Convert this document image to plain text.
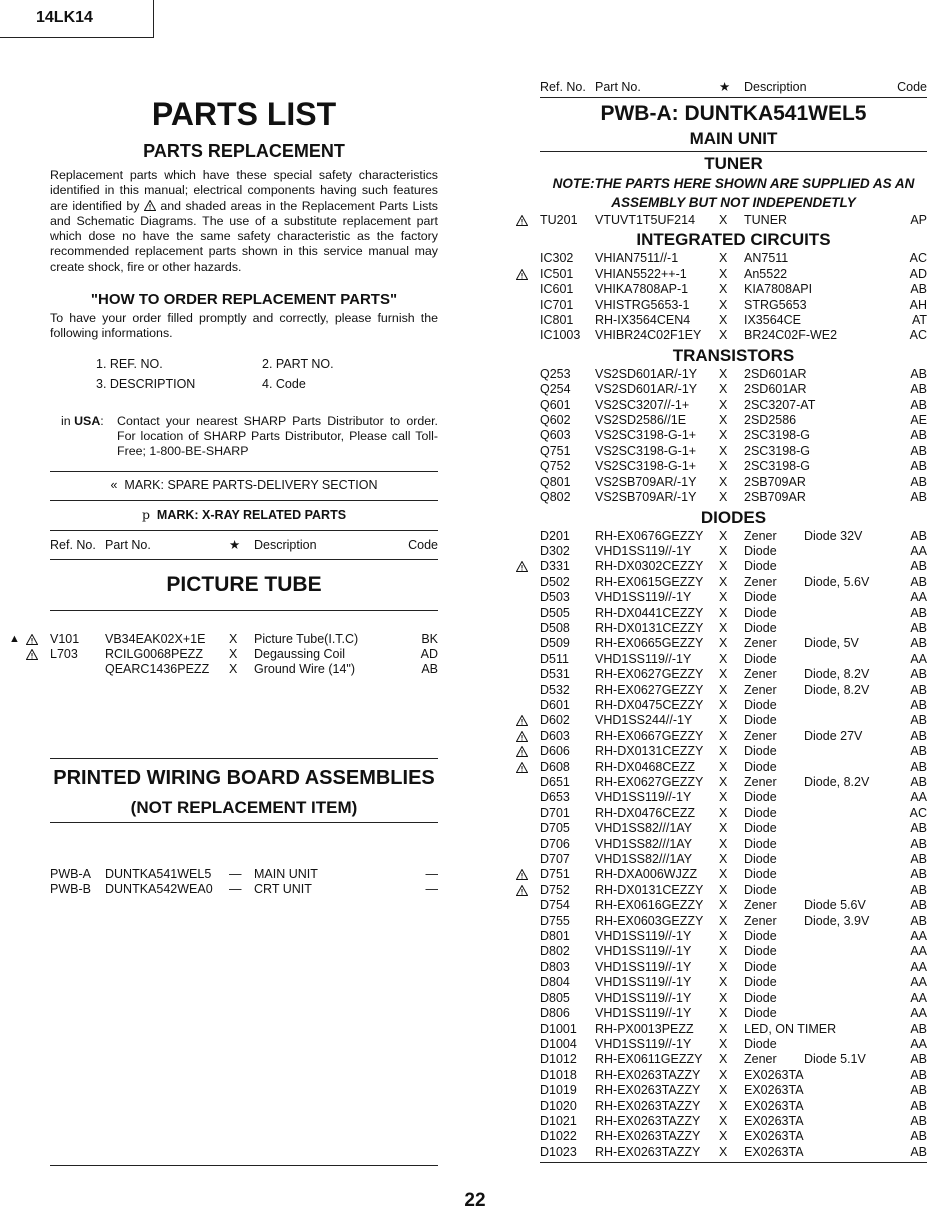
14LK14
PARTS LIST
PARTS REPLACEMENT
Replacement parts which have these special safety characteristics identified in this manual; electrical components having such features are identified by and shaded areas in the Replacement Parts Lists and Schematic Diagrams. The use of a substitute replacement part which dose no have the same safety characteristic as the factory recommended replacement parts shown in this service manual may create shock, fire or other hazards.
"HOW TO ORDER REPLACEMENT PARTS"
To have your order filled promptly and correctly, please furnish the following informations.
1. REF. NO.	2. PART NO.
3. DESCRIPTION	4. Code
in USA:	Contact your nearest SHARP Parts Distributor to order. For location of SHARP Parts Distributor, Please call Toll-Free; 1-800-BE-SHARP
« MARK: SPARE PARTS-DELIVERY SECTION
p MARK: X-RAY RELATED PARTS
Ref. No. Part No.	★	Description	Code
PICTURE TUBE
▲ V101	VB34EAK02X+1E	X	Picture Tube(I.T.C)	BK
L703	RCILG0068PEZZ	X	Degaussing Coil	AD
QEARC1436PEZZ	X	Ground Wire (14")	AB
PRINTED WIRING BOARD ASSEMBLIES
(NOT REPLACEMENT ITEM)
PWB-A	DUNTKA541WEL5	—	MAIN UNIT	—
PWB-B	DUNTKA542WEA0	—	CRT UNIT	—
Ref. No. Part No.	★	Description	Code
PWB-A: DUNTKA541WEL5
MAIN UNIT
TUNER
NOTE:THE PARTS HERE SHOWN ARE SUPPLIED AS AN
ASSEMBLY BUT NOT INDEPENDETLY
TU201	VTUVT1T5UF214	X	TUNER	AP
INTEGRATED CIRCUITS
IC302	VHIAN7511//-1	X	AN7511	AC
IC501	VHIAN5522++-1	X	An5522	AD
IC601	VHIKA7808AP-1	X	KIA7808API	AB
IC701	VHISTRG5653-1	X	STRG5653	AH
IC801	RH-IX3564CEN4	X	IX3564CE	AT
IC1003	VHIBR24C02F1EY	X	BR24C02F-WE2	AC
TRANSISTORS
Q253	VS2SD601AR/-1Y	X	2SD601AR	AB
Q254	VS2SD601AR/-1Y	X	2SD601AR	AB
Q601	VS2SC3207//-1+	X	2SC3207-AT	AB
Q602	VS2SD2586//1E	X	2SD2586	AE
Q603	VS2SC3198-G-1+	X	2SC3198-G	AB
Q751	VS2SC3198-G-1+	X	2SC3198-G	AB
Q752	VS2SC3198-G-1+	X	2SC3198-G	AB
Q801	VS2SB709AR/-1Y	X	2SB709AR	AB
Q802	VS2SB709AR/-1Y	X	2SB709AR	AB
DIODES
D201	RH-EX0676GEZZY	X	Zener	Diode 32V	AB
D302	VHD1SS119//-1Y	X	Diode	AA
D331	RH-DX0302CEZZY	X	Diode	AB
D502	RH-EX0615GEZZY	X	Zener	Diode, 5.6V	AB
D503	VHD1SS119//-1Y	X	Diode	AA
D505	RH-DX0441CEZZY	X	Diode	AB
D508	RH-DX0131CEZZY	X	Diode	AB
D509	RH-EX0665GEZZY	X	Zener	Diode, 5V	AB
D511	VHD1SS119//-1Y	X	Diode	AA
D531	RH-EX0627GEZZY	X	Zener	Diode, 8.2V	AB
D532	RH-EX0627GEZZY	X	Zener	Diode, 8.2V	AB
D601	RH-DX0475CEZZY	X	Diode	AB
D602	VHD1SS244//-1Y	X	Diode	AB
D603	RH-EX0667GEZZY	X	Zener	Diode 27V	AB
D606	RH-DX0131CEZZY	X	Diode	AB
D608	RH-DX0468CEZZ	X	Diode	AB
D651	RH-EX0627GEZZY	X	Zener	Diode, 8.2V	AB
D653	VHD1SS119//-1Y	X	Diode	AA
D701	RH-DX0476CEZZ	X	Diode	AC
D705	VHD1SS82///1AY	X	Diode	AB
D706	VHD1SS82///1AY	X	Diode	AB
D707	VHD1SS82///1AY	X	Diode	AB
D751	RH-DXA006WJZZ	X	Diode	AB
D752	RH-DX0131CEZZY	X	Diode	AB
D754	RH-EX0616GEZZY	X	Zener	Diode 5.6V	AB
D755	RH-EX0603GEZZY	X	Zener	Diode, 3.9V	AB
D801	VHD1SS119//-1Y	X	Diode	AA
D802	VHD1SS119//-1Y	X	Diode	AA
D803	VHD1SS119//-1Y	X	Diode	AA
D804	VHD1SS119//-1Y	X	Diode	AA
D805	VHD1SS119//-1Y	X	Diode	AA
D806	VHD1SS119//-1Y	X	Diode	AA
D1001	RH-PX0013PEZZ	X	LED, ON TIMER	AB
D1004	VHD1SS119//-1Y	X	Diode	AA
D1012	RH-EX0611GEZZY	X	Zener	Diode 5.1V	AB
D1018	RH-EX0263TAZZY	X	EX0263TA	AB
D1019	RH-EX0263TAZZY	X	EX0263TA	AB
D1020	RH-EX0263TAZZY	X	EX0263TA	AB
D1021	RH-EX0263TAZZY	X	EX0263TA	AB
D1022	RH-EX0263TAZZY	X	EX0263TA	AB
D1023	RH-EX0263TAZZY	X	EX0263TA	AB
22
